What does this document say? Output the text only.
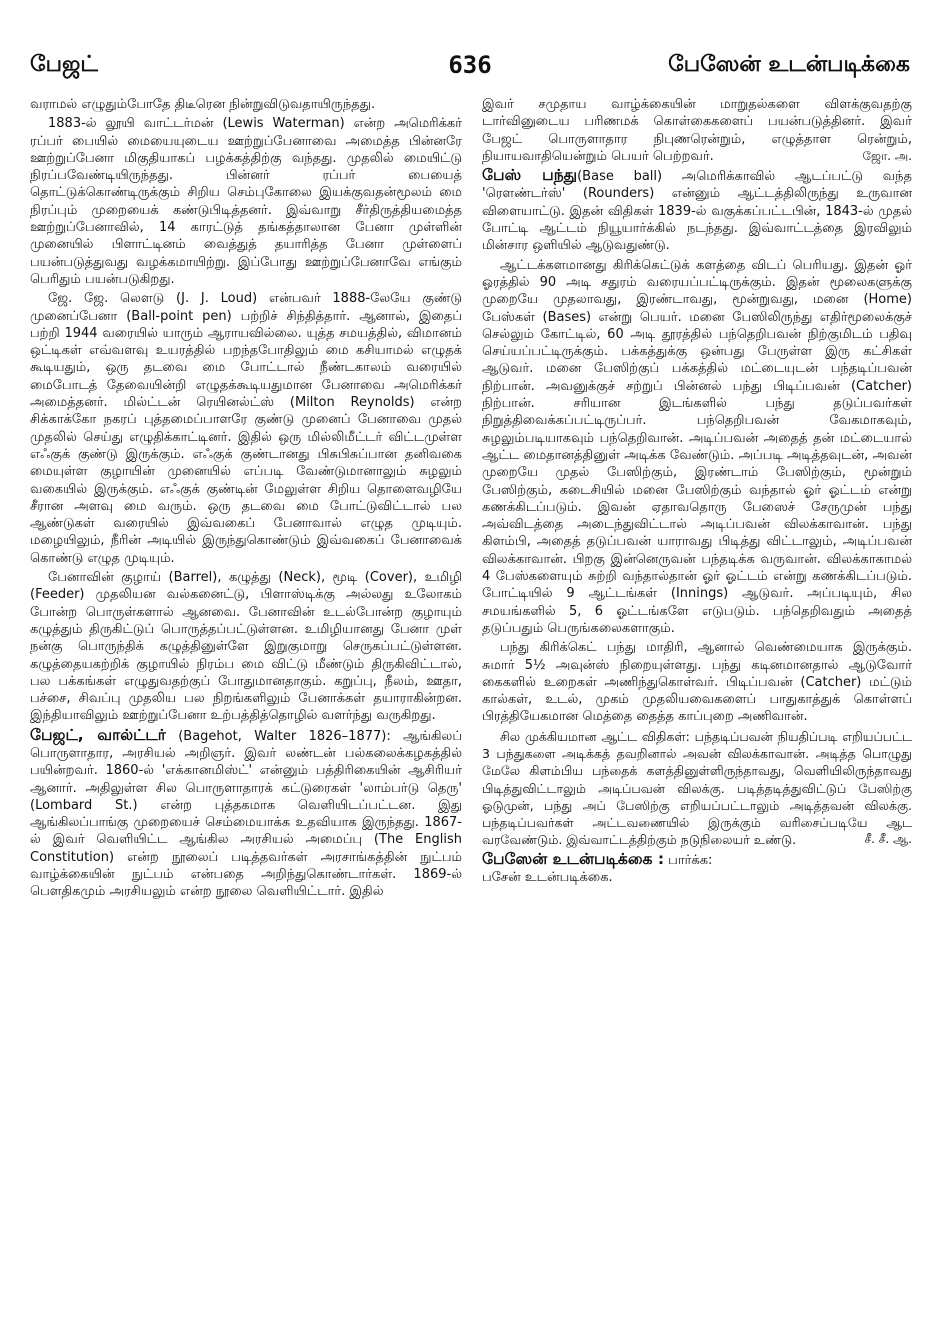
பேஜட்	636	பேஸேன் உடன்படிக்கை

வராமல் எழுதும்போதே திடீரென நின்றுவிடுவதாயிருந்தது.

1883-ல் லூயி வாட்டர்மன் (Lewis Waterman) என்ற அமெரிக்கர் ரப்பர் பையில் மையையுடைய ஊற்றுப்பேனாவை அமைத்த பின்னரே ஊற்றுப்பேனா மிகுதியாகப் பழக்கத்திற்கு வந்தது. முதலில் மையிட்டு நிரப்பவேண்டியிருந்தது. பின்னர் ரப்பர் பையைத் தொட்டுக்கொண்டிருக்கும் சிறிய செம்புகோலை இயக்குவதன்மூலம் மை நிரப்பும் முறையைக் கண்டுபிடித்தனர். இவ்வாறு சீர்திருத்தியமைத்த ஊற்றுப்பேனாவில், 14 காரட்டுத் தங்கத்தாலான பேனா முள்ளின் முனையில் பிளாட்டினம் வைத்துத் தயாரித்த பேனா முள்ளைப் பயன்படுத்துவது வழக்கமாயிற்று. இப்போது ஊற்றுப்பேனாவே எங்கும் பெரிதும் பயன்படுகிறது.

ஜே. ஜே. லௌடு (J. J. Loud) என்பவர் 1888-லேயே குண்டு முனைப்பேனா (Ball-point pen) பற்றிச் சிந்தித்தார். ஆனால், இதைப் பற்றி 1944 வரையில் யாரும் ஆராயவில்லை. யுத்த சமயத்தில், விமானம் ஒட்டிகள் எவ்வளவு உயரத்தில் பறந்தபோதிலும் மை கசியாமல் எழுதக் கூடியதும், ஒரு தடவை மை போட்டால் நீண்டகாலம் வரையில் மைபோடத் தேவையின்றி எழுதக்கூடியதுமான பேனாவை அமெரிக்கர் அமைத்தனர். மில்ட்டன் ரெயினல்ட்ஸ் (Milton Reynolds) என்ற சிக்காக்கோ நகரப் புத்தமைப்பாளரே குண்டு முனைப் பேனாவை முதல் முதலில் செய்து எழுதிக்காட்டினர். இதில் ஒரு மில்லிமீட்டர் விட்டமுள்ள எஃகுக் குண்டு இருக்கும். எஃகுக் குண்டானது பிசுபிசுப்பான தனிவகை மையுள்ள குழாயின் முனையில் எப்படி வேண்டுமானாலும் சுழலும் வகையில் இருக்கும். எஃகுக் குண்டின் மேலுள்ள சிறிய தொளைவழியே சீரான அளவு மை வரும். ஒரு தடவை மை போட்டுவிட்டால் பல ஆண்டுகள் வரையில் இவ்வகைப் பேனாவால் எழுத முடியும். மழையிலும், நீரின் அடியில் இருந்துகொண்டும் இவ்வகைப் பேனாவைக் கொண்டு எழுத முடியும்.

பேனாவின் குழாய் (Barrel), கழுத்து (Neck), மூடி (Cover), உமிழி (Feeder) முதலியன வல்கனைட்டு, பிளாஸ்டிக்கு அல்லது உலோகம் போன்ற பொருள்களால் ஆனவை. பேனாவின் உடல்போன்ற குழாயும் கழுத்தும் திருகிட்டுப் பொருத்தப்பட்டுள்ளன. உமிழியானது பேனா முள் நன்கு பொருந்திக் கழுத்தினுள்ளே இறுகுமாறு செருகப்பட்டுள்ளன. கழுத்தையகற்றிக் குழாயில் நிரம்ப மை விட்டு மீண்டும் திருகிவிட்டால், பல பக்கங்கள் எழுதுவதற்குப் போதுமானதாகும். கறுப்பு, நீலம், ஊதா, பச்சை, சிவப்பு முதலிய பல நிறங்களிலும் பேனாக்கள் தயாராகின்றன. இந்தியாவிலும் ஊற்றுப்பேனா உற்பத்தித்தொழில் வளர்ந்து வருகிறது.

பேஜட், வால்ட்டர் (Bagehot, Walter 1826–1877): ஆங்கிலப் பொருளாதார, அரசியல் அறிஞர். இவர் லண்டன் பல்கலைக்கழகத்தில் பயின்றவர். 1860-ல் 'எக்கானமிஸ்ட்' என்னும் பத்திரிகையின் ஆசிரியர் ஆனார். அதிலுள்ள சில பொருளாதாரக் கட்டுரைகள் 'லாம்பர்டு தெரு' (Lombard St.) என்ற புத்தகமாக வெளியிடப்பட்டன. இது ஆங்கிலப்பாங்கு முறையைச் செம்மையாக்க உதவியாக இருந்தது. 1867-ல் இவர் வெளியிட்ட ஆங்கில அரசியல் அமைப்பு (The English Constitution) என்ற நூலைப் படித்தவர்கள் அரசாங்கத்தின் நுட்பம் வாழ்க்கையின் நுட்பம் என்பதை அறிந்துகொண்டார்கள். 1869-ல் பௌதிகமும் அரசியலும் என்ற நூலை வெளியிட்டார். இதில்

இவர் சமுதாய வாழ்க்கையின் மாறுதல்களை விளக்குவதற்கு டார்வினுடைய பரிணமக் கொள்கைகளைப் பயன்படுத்தினர். இவர் பேஜட் பொருளாதார நிபுணரென்றும், எழுத்தாள ரென்றும், நியாயவாதியென்றும் பெயர் பெற்றவர்.	ஜோ. அ.

பேஸ் பந்து(Base ball) அமெரிக்காவில் ஆடப்பட்டு வந்த 'ரௌண்டர்ஸ்' (Rounders) என்னும் ஆட்டத்திலிருந்து உருவான விளையாட்டு. இதன் விதிகள் 1839-ல் வகுக்கப்பட்டபின், 1843-ல் முதல் போட்டி ஆட்டம் நியூயார்க்கில் நடந்தது. இவ்வாட்டத்தை இரவிலும் மின்சார ஒளியில் ஆடுவதுண்டு.

ஆட்டக்களமானது கிரிக்கெட்டுக் களத்தை விடப் பெரியது. இதன் ஓர் ஓரத்தில் 90 அடி சதுரம் வரையப்பட்டிருக்கும். இதன் மூலைகளுக்கு முறையே முதலாவது, இரண்டாவது, மூன்றுவது, மனை (Home) பேஸ்கள் (Bases) என்று பெயர். மனை பேஸிலிருந்து எதிர்மூலைக்குச் செல்லும் கோட்டில், 60 அடி தூரத்தில் பந்தெறிபவன் நிற்குமிடம் பதிவு செய்யப்பட்டிருக்கும். பக்கத்துக்கு ஒன்பது பேருள்ள இரு கட்சிகள் ஆடுவர். மனை பேஸிற்குப் பக்கத்தில் மட்டையுடன் பந்தடிப்பவன் நிற்பான். அவனுக்குச் சற்றுப் பின்னல் பந்து பிடிப்பவன் (Catcher) நிற்பான். சரியான இடங்களில் பந்து தடுப்பவர்கள் நிறுத்திவைக்கப்பட்டிருப்பர். பந்தெறிபவன் வேகமாகவும், சுழலும்படியாகவும் பந்தெறிவான். அடிப்பவன் அதைத் தன் மட்டையால் ஆட்ட மைதானத்தினுள் அடிக்க வேண்டும். அப்படி அடித்தவுடன், அவன் முறையே முதல் பேஸிற்கும், இரண்டாம் பேஸிற்கும், மூன்றும் பேஸிற்கும், கடைசியில் மனை பேஸிற்கும் வந்தால் ஓர் ஓட்டம் என்று கணக்கிடப்படும். இவன் ஏதாவதொரு பேஸைச் சேருமுன் பந்து அவ்விடத்தை அடைந்துவிட்டால் அடிப்பவன் விலக்காவான். பந்து கிளம்பி, அதைத் தடுப்பவன் யாராவது பிடித்து விட்டாலும், அடிப்பவன் விலக்காவான். பிறகு இன்னெருவன் பந்தடிக்க வருவான். விலக்காகாமல் 4 பேஸ்களையும் சுற்றி வந்தால்தான் ஓர் ஓட்டம் என்று கணக்கிடப்படும். போட்டியில் 9 ஆட்டங்கள் (Innings) ஆடுவர். அப்படியும், சில சமயங்களில் 5, 6 ஓட்டங்களே எடுபடும். பந்தெறிவதும் அதைத் தடுப்பதும் பெருங்கலைகளாகும்.

பந்து கிரிக்கெட் பந்து மாதிரி, ஆனால் வெண்மையாக இருக்கும். சுமார் 5½ அவுன்ஸ் நிறையுள்ளது. பந்து கடினமானதால் ஆடுவோர் கைகளில் உறைகள் அணிந்துகொள்வர். பிடிப்பவன் (Catcher) மட்டும் கால்கள், உடல், முகம் முதலியவைகளைப் பாதுகாத்துக் கொள்ளப் பிரத்தியேகமான மெத்தை தைத்த காப்புறை அணிவான்.

சில முக்கியமான ஆட்ட விதிகள்: பந்தடிப்பவன் நியதிப்படி எறியப்பட்ட 3 பந்துகளை அடிக்கத் தவறினால் அவன் விலக்காவான். அடித்த பொழுது மேலே கிளம்பிய பந்தைக் களத்தினுள்ளிருந்தாவது, வெளியிலிருந்தாவது பிடித்துவிட்டாலும் அடிப்பவன் விலக்கு. படித்தடித்துவிட்டுப் பேஸிற்கு ஓடுமுன், பந்து அப் பேஸிற்கு எறியப்பட்டாலும் அடித்தவன் விலக்கு. பந்தடிப்பவர்கள் அட்டவணையில் இருக்கும் வரிசைப்படியே ஆட வரவேண்டும். இவ்வாட்டத்திற்கும் நடுநிலையர் உண்டு.	சீ. சீ. ஆ.

பேஸேன் உடன்படிக்கை : பார்க்க:
பசேன் உடன்படிக்கை.
